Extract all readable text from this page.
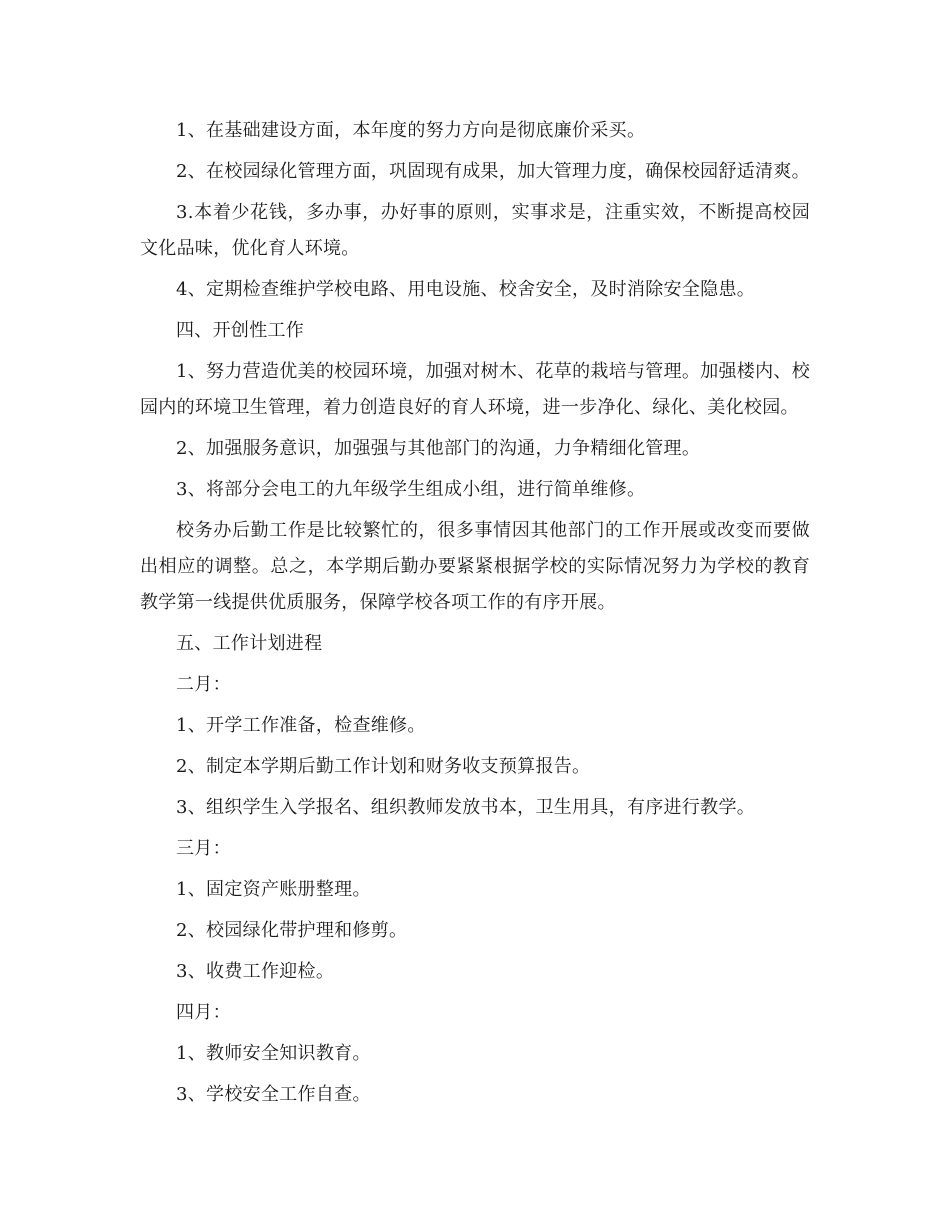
1、在基础建设方面，本年度的努力方向是彻底廉价采买。

2、在校园绿化管理方面，巩固现有成果，加大管理力度，确保校园舒适清爽。

3.本着少花钱，多办事，办好事的原则，实事求是，注重实效，不断提高校园文化品味，优化育人环境。

4、定期检查维护学校电路、用电设施、校舍安全，及时消除安全隐患。

四、开创性工作

1、努力营造优美的校园环境，加强对树木、花草的栽培与管理。加强楼内、校园内的环境卫生管理，着力创造良好的育人环境，进一步净化、绿化、美化校园。

2、加强服务意识，加强强与其他部门的沟通，力争精细化管理。

3、将部分会电工的九年级学生组成小组，进行简单维修。

校务办后勤工作是比较繁忙的，很多事情因其他部门的工作开展或改变而要做出相应的调整。总之，本学期后勤办要紧紧根据学校的实际情况努力为学校的教育教学第一线提供优质服务，保障学校各项工作的有序开展。

五、工作计划进程

二月：

1、开学工作准备，检查维修。

2、制定本学期后勤工作计划和财务收支预算报告。

3、组织学生入学报名、组织教师发放书本，卫生用具，有序进行教学。

三月：

1、固定资产账册整理。

2、校园绿化带护理和修剪。

3、收费工作迎检。

四月：

1、教师安全知识教育。

3、学校安全工作自查。
